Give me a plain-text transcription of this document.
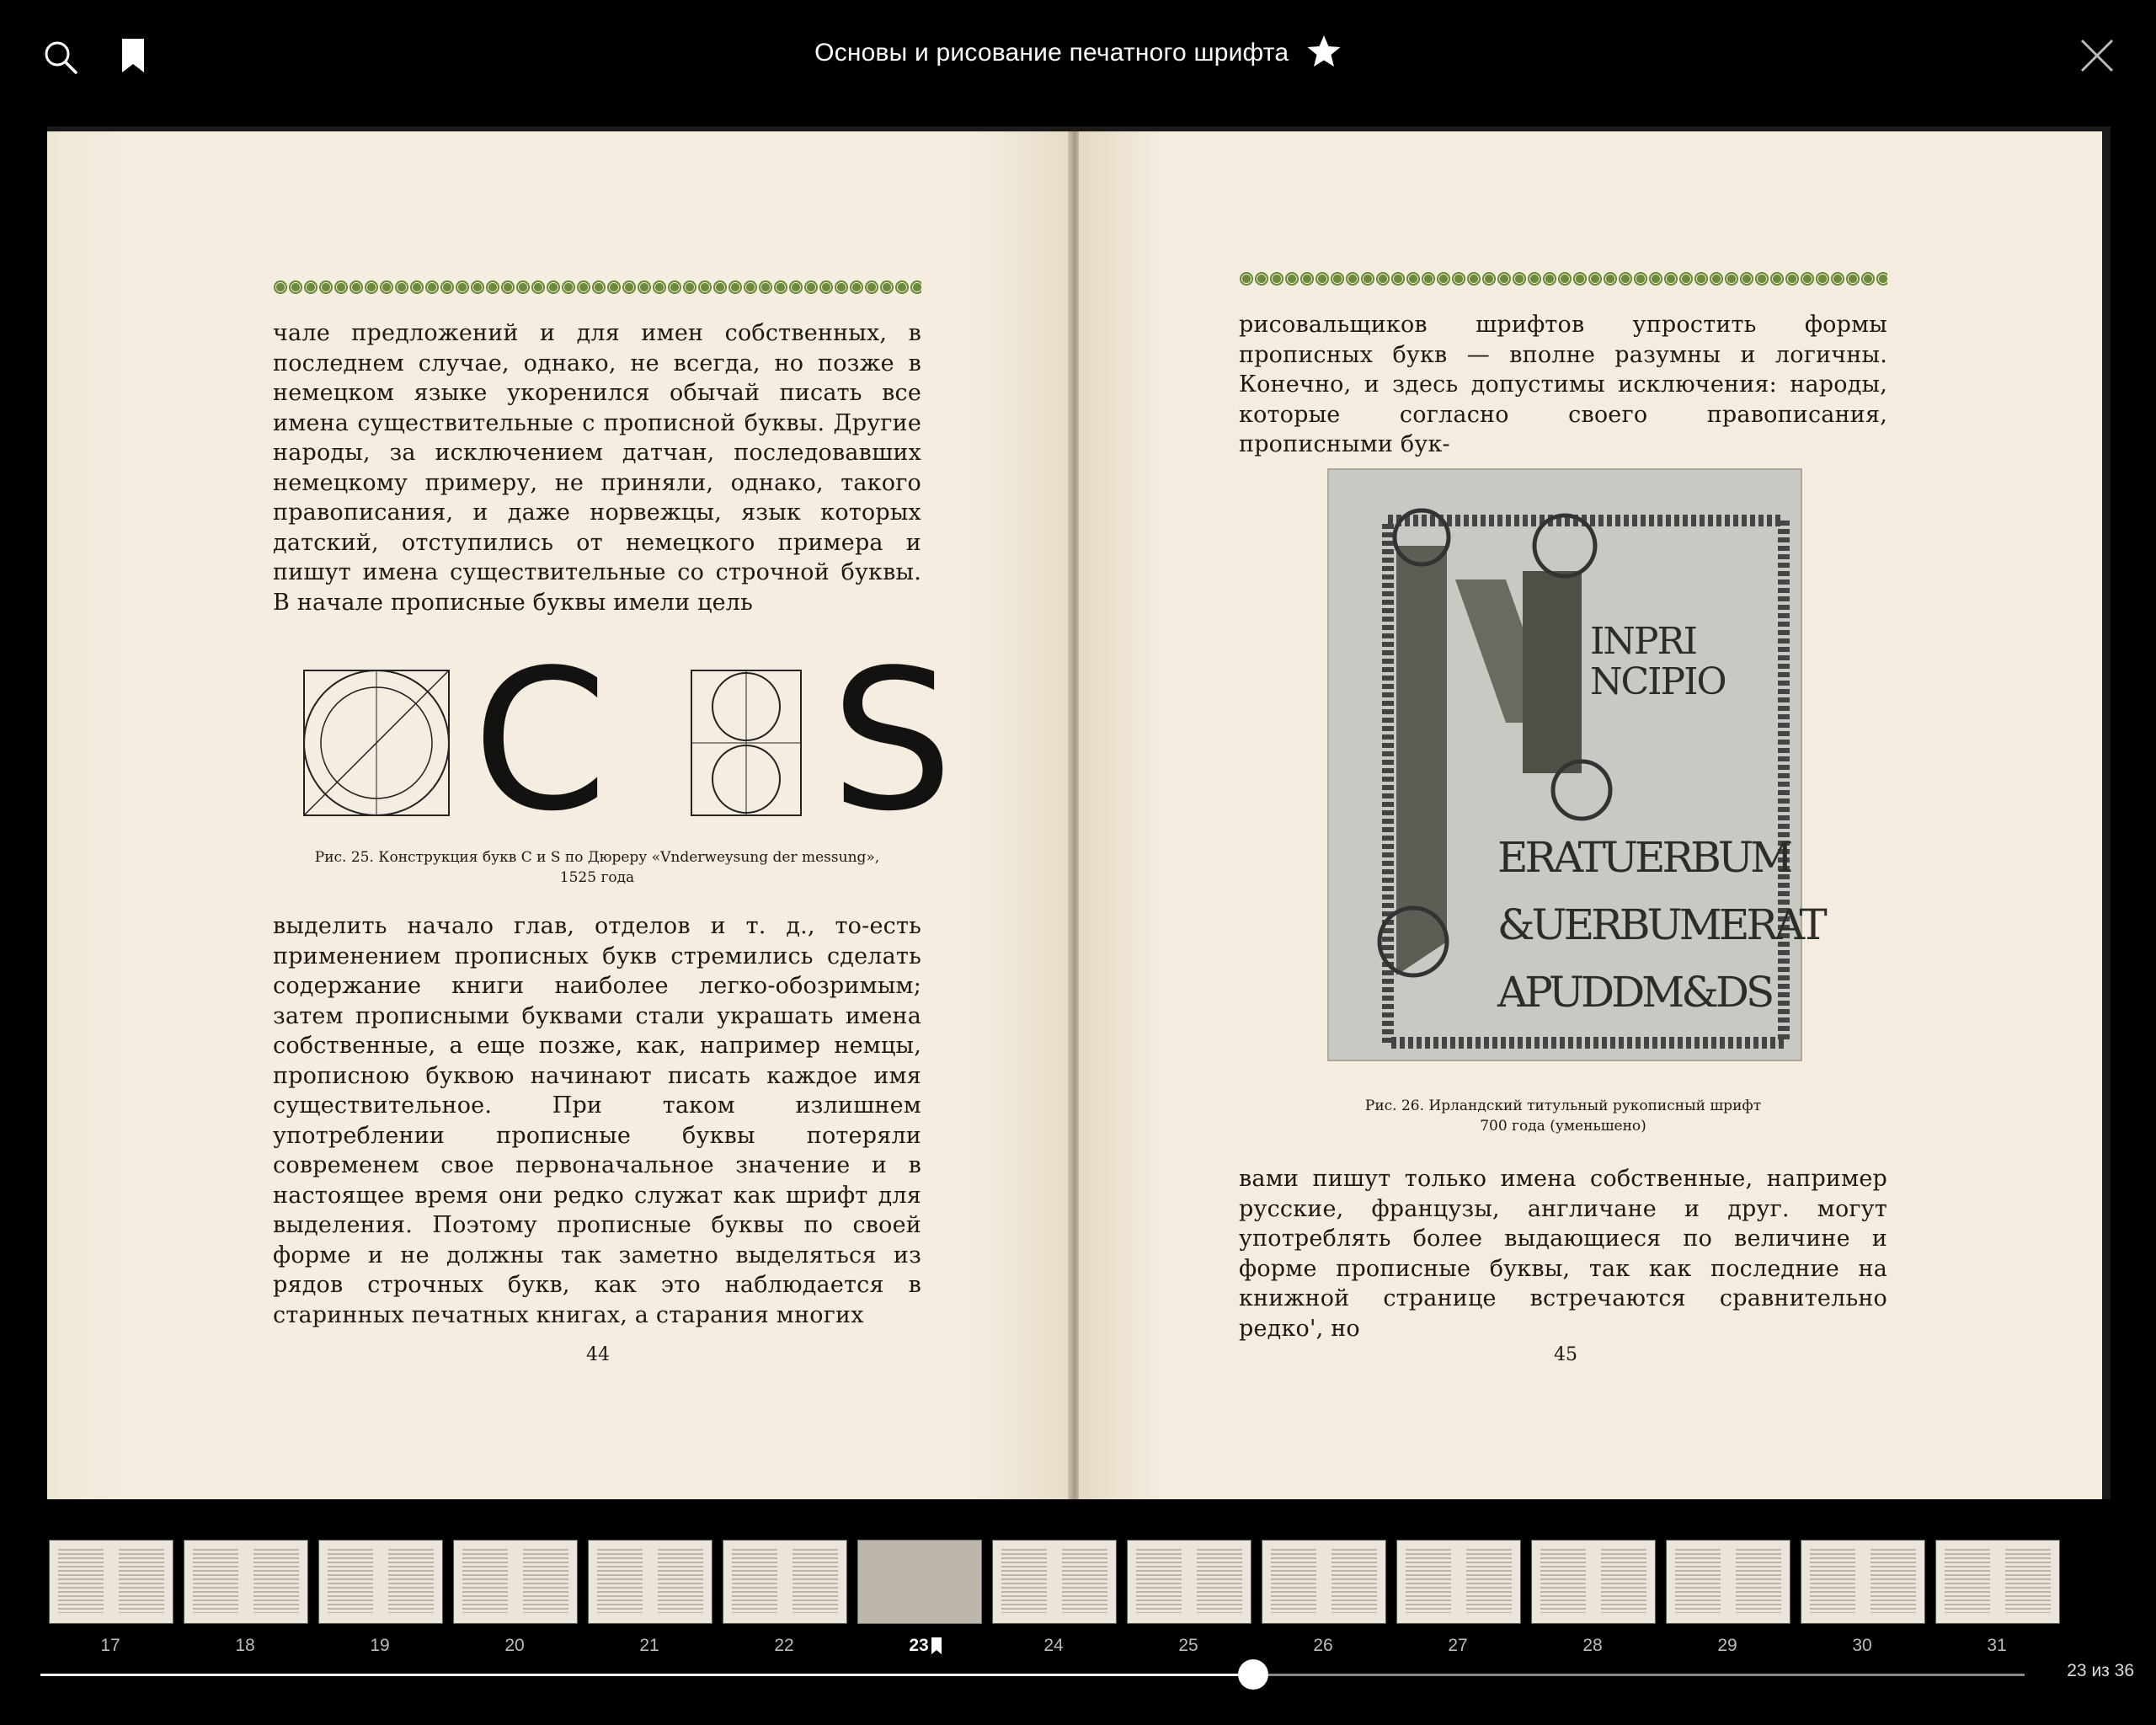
Основы и рисование печатного шрифта
чале предложений и для имен собственных, в последнем случае, однако, не всегда, но позже в немецком языке укоренился обычай писать все имена существительные с прописной буквы. Другие народы, за исключением датчан, последовавших немецкому примеру, не приняли, однако, такого правописания, и даже норвежцы, язык которых датский, отступились от немецкого примера и пишут имена существительные со строчной буквы. В начале прописные буквы имели цель
C S
Рис. 25. Конструкция букв C и S по Дюреру «Vnderweysung der messung»,
1525 года
выделить начало глав, отделов и т. д., то-есть применением прописных букв стремились сделать содержание книги наиболее легко-обозримым; затем прописными буквами стали украшать имена собственные, а еще позже, как, например немцы, прописною буквою начинают писать каждое имя существительное. При таком излишнем употреблении прописные буквы потеряли современем свое первоначальное значение и в настоящее время они редко служат как шрифт для выделения. Поэтому прописные буквы по своей форме и не должны так заметно выделяться из рядов строчных букв, как это наблюдается в старинных печатных книгах, а старания многих
44
рисовальщиков шрифтов упростить формы прописных букв — вполне разумны и логичны. Конечно, и здесь допустимы исключения: народы, которые согласно своего правописания, прописными бук-
INPRI
NCIPIO
ERATUERBUM
&UERBUMERAT
APUDDM&DS
Рис. 26. Ирландский титульный рукописный шрифт
700 года (уменьшено)
вами пишут только имена собственные, например русские, французы, англичане и друг. могут употреблять более выдающиеся по величине и форме прописные буквы, так как последние на книжной странице встречаются сравнительно редко', но
45
17	18	19	20	21	22	23	24	25	26	27	28	29	30	31
23 из 36
